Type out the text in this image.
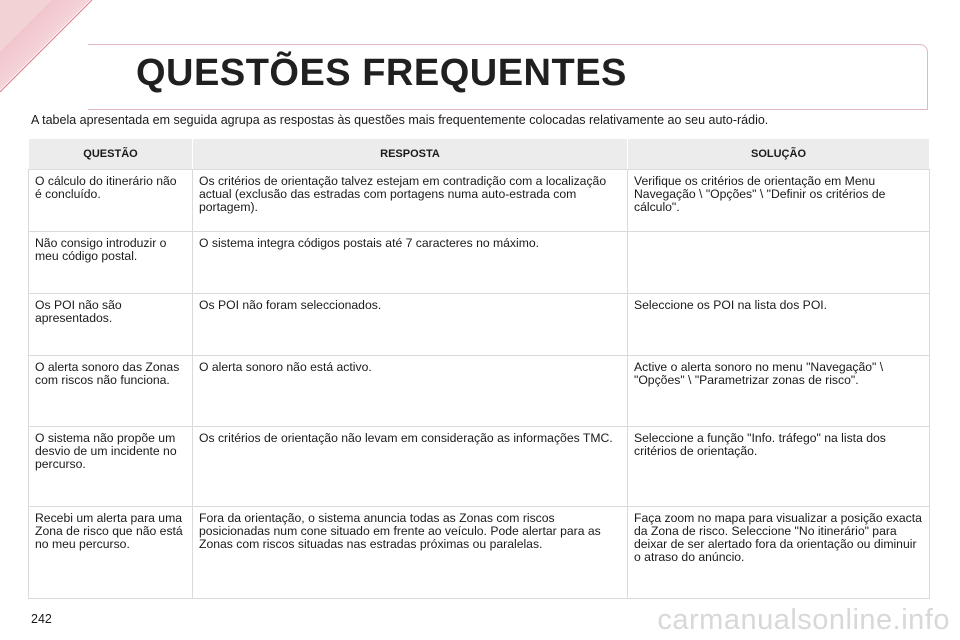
QUESTÕES FREQUENTES

A tabela apresentada em seguida agrupa as respostas às questões mais frequentemente colocadas relativamente ao seu auto-rádio.

QUESTÃO	RESPOSTA	SOLUÇÃO
O cálculo do itinerário não é concluído.	Os critérios de orientação talvez estejam em contradição com a localização actual (exclusão das estradas com portagens numa auto-estrada com portagem).	Verifique os critérios de orientação em Menu Navegação \ "Opções" \ "Definir os critérios de cálculo".
Não consigo introduzir o meu código postal.	O sistema integra códigos postais até 7 caracteres no máximo.	
Os POI não são apresentados.	Os POI não foram seleccionados.	Seleccione os POI na lista dos POI.
O alerta sonoro das Zonas com riscos não funciona.	O alerta sonoro não está activo.	Active o alerta sonoro no menu "Navegação" \ "Opções" \ "Parametrizar zonas de risco".
O sistema não propõe um desvio de um incidente no percurso.	Os critérios de orientação não levam em consideração as informações TMC.	Seleccione a função "Info. tráfego" na lista dos critérios de orientação.
Recebi um alerta para uma Zona de risco que não está no meu percurso.	Fora da orientação, o sistema anuncia todas as Zonas com riscos posicionadas num cone situado em frente ao veículo. Pode alertar para as Zonas com riscos situadas nas estradas próximas ou paralelas.	Faça zoom no mapa para visualizar a posição exacta da Zona de risco. Seleccione "No itinerário" para deixar de ser alertado fora da orientação ou diminuir o atraso do anúncio.
242	carmanualsonline.info
